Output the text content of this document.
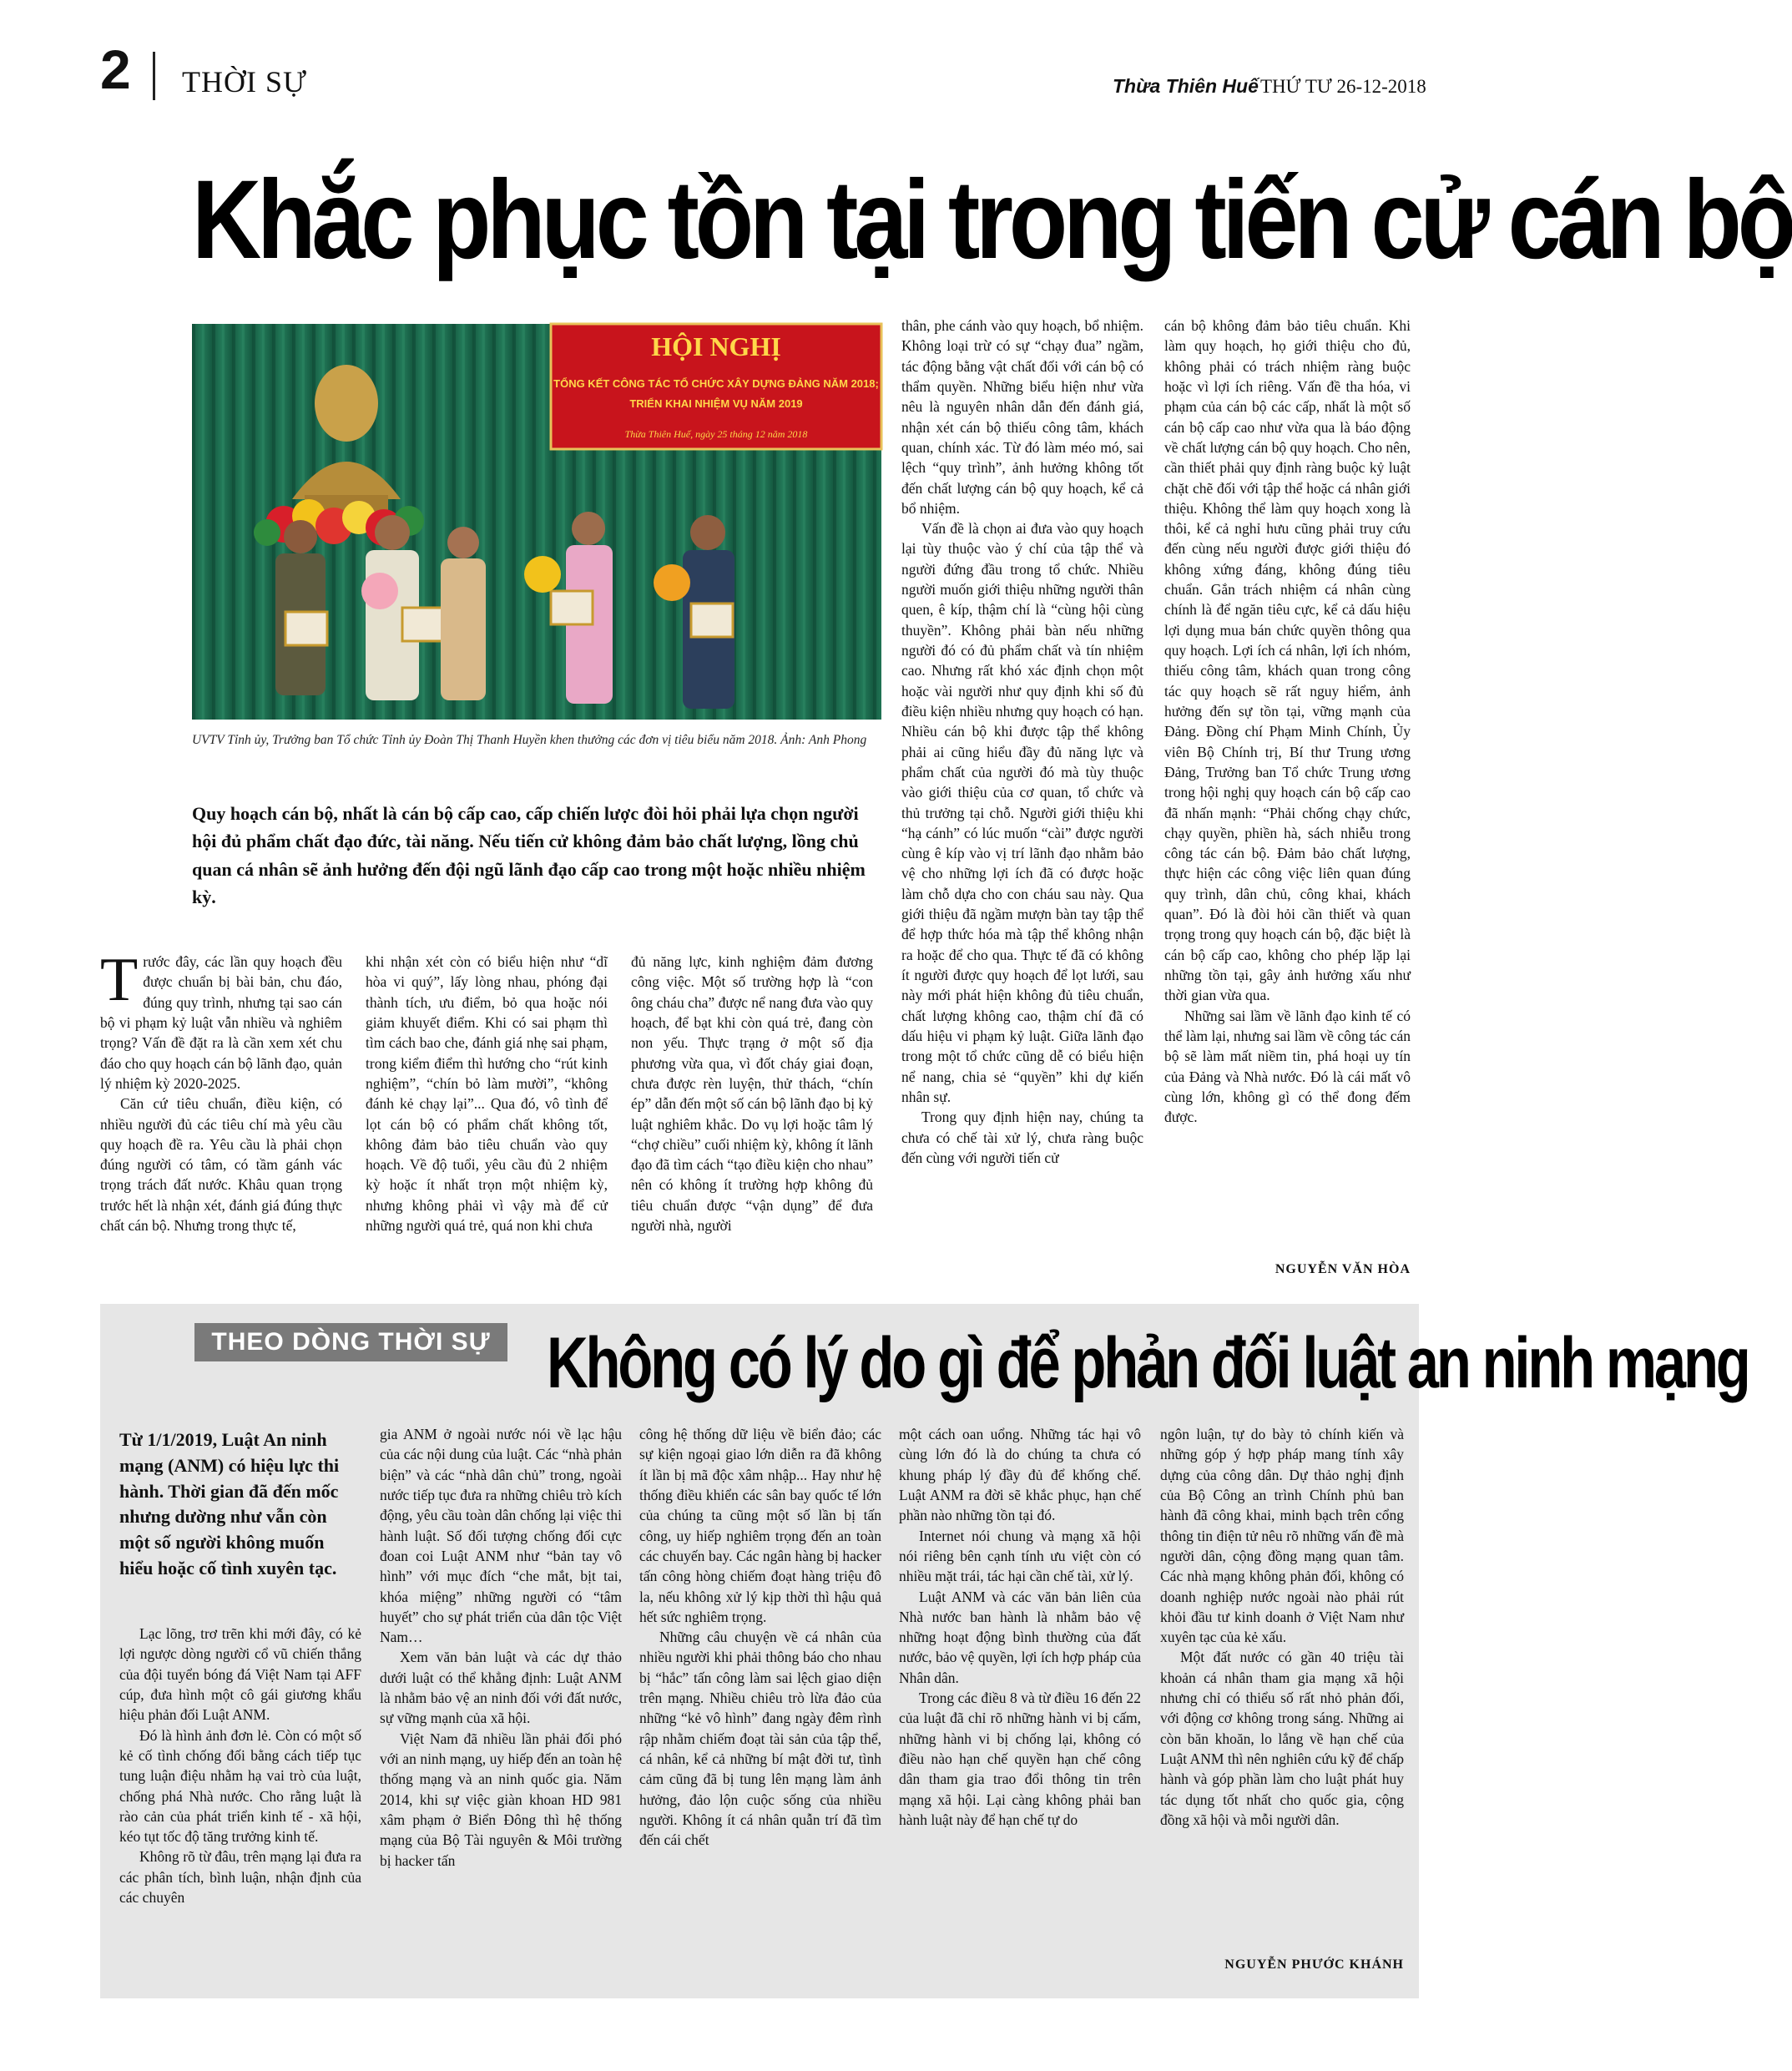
2 THỜI SỰ	Thừa Thiên Huế THỨ TƯ 26-12-2018
Khắc phục tồn tại trong tiến cử cán bộ
HỘI NGHỊ
TỔNG KẾT CÔNG TÁC TỔ CHỨC XÂY DỰNG ĐẢNG NĂM 2018;
TRIỂN KHAI NHIỆM VỤ NĂM 2019
Thừa Thiên Huế, ngày 25 tháng 12 năm 2018
UVTV Tỉnh ủy, Trưởng ban Tổ chức Tỉnh ủy Đoàn Thị Thanh Huyền khen thưởng các đơn vị tiêu biểu năm 2018. Ảnh: Anh Phong
Quy hoạch cán bộ, nhất là cán bộ cấp cao, cấp chiến lược đòi hỏi phải lựa chọn người hội đủ phẩm chất đạo đức, tài năng. Nếu tiến cử không đảm bảo chất lượng, lồng chủ quan cá nhân sẽ ảnh hưởng đến đội ngũ lãnh đạo cấp cao trong một hoặc nhiều nhiệm kỳ.

Trước đây, các lần quy hoạch đều được chuẩn bị bài bản, chu đáo, đúng quy trình, nhưng tại sao cán bộ vi phạm kỷ luật vẫn nhiều và nghiêm trọng? Vấn đề đặt ra là cần xem xét chu đáo cho quy hoạch cán bộ lãnh đạo, quản lý nhiệm kỳ 2020-2025.

Căn cứ tiêu chuẩn, điều kiện, có nhiều người đủ các tiêu chí mà yêu cầu quy hoạch đề ra. Yêu cầu là phải chọn đúng người có tâm, có tầm gánh vác trọng trách đất nước. Khâu quan trọng trước hết là nhận xét, đánh giá đúng thực chất cán bộ. Nhưng trong thực tế,

khi nhận xét còn có biểu hiện như “dĩ hòa vi quý”, lấy lòng nhau, phóng đại thành tích, ưu điểm, bỏ qua hoặc nói giảm khuyết điểm. Khi có sai phạm thì tìm cách bao che, đánh giá nhẹ sai phạm, trong kiểm điểm thì hướng cho “rút kinh nghiệm”, “chín bỏ làm mười”, “không đánh kẻ chạy lại”... Qua đó, vô tình để lọt cán bộ có phẩm chất không tốt, không đảm bảo tiêu chuẩn vào quy hoạch. Về độ tuổi, yêu cầu đủ 2 nhiệm kỳ hoặc ít nhất trọn một nhiệm kỳ, nhưng không phải vì vậy mà để cử những người quá trẻ, quá non khi chưa

đủ năng lực, kinh nghiệm đảm đương công việc. Một số trường hợp là “con ông cháu cha” được nể nang đưa vào quy hoạch, để bạt khi còn quá trẻ, đang còn non yếu. Thực trạng ở một số địa phương vừa qua, vì đốt cháy giai đoạn, chưa được rèn luyện, thử thách, “chín ép” dẫn đến một số cán bộ lãnh đạo bị kỷ luật nghiêm khắc. Do vụ lợi hoặc tâm lý “chợ chiều” cuối nhiệm kỳ, không ít lãnh đạo đã tìm cách “tạo điều kiện cho nhau” nên có không ít trường hợp không đủ tiêu chuẩn được “vận dụng” để đưa người nhà, người

thân, phe cánh vào quy hoạch, bổ nhiệm. Không loại trừ có sự “chạy đua” ngầm, tác động bằng vật chất đối với cán bộ có thẩm quyền. Những biểu hiện như vừa nêu là nguyên nhân dẫn đến đánh giá, nhận xét cán bộ thiếu công tâm, khách quan, chính xác. Từ đó làm méo mó, sai lệch “quy trình”, ảnh hưởng không tốt đến chất lượng cán bộ quy hoạch, kể cả bổ nhiệm.

Vấn đề là chọn ai đưa vào quy hoạch lại tùy thuộc vào ý chí của tập thể và người đứng đầu trong tổ chức. Nhiều người muốn giới thiệu những người thân quen, ê kíp, thậm chí là “cùng hội cùng thuyền”. Không phải bàn nếu những người đó có đủ phẩm chất và tín nhiệm cao. Nhưng rất khó xác định chọn một hoặc vài người như quy định khi số đủ điều kiện nhiều nhưng quy hoạch có hạn. Nhiều cán bộ khi được tập thể không phải ai cũng hiểu đầy đủ năng lực và phẩm chất của người đó mà tùy thuộc vào giới thiệu của cơ quan, tổ chức và thủ trưởng tại chỗ. Người giới thiệu khi “hạ cánh” có lúc muốn “cài” được người cùng ê kíp vào vị trí lãnh đạo nhằm bảo vệ cho những lợi ích đã có được hoặc làm chỗ dựa cho con cháu sau này. Qua giới thiệu đã ngầm mượn bàn tay tập thể để hợp thức hóa mà tập thể không nhận ra hoặc để cho qua. Thực tế đã có không ít người được quy hoạch để lọt lưới, sau này mới phát hiện không đủ tiêu chuẩn, chất lượng không cao, thậm chí đã có dấu hiệu vi phạm kỷ luật. Giữa lãnh đạo trong một tổ chức cũng dễ có biểu hiện nể nang, chia sẻ “quyền” khi dự kiến nhân sự.

Trong quy định hiện nay, chúng ta chưa có chế tài xử lý, chưa ràng buộc đến cùng với người tiến cử

cán bộ không đảm bảo tiêu chuẩn. Khi làm quy hoạch, họ giới thiệu cho đủ, không phải có trách nhiệm ràng buộc hoặc vì lợi ích riêng. Vấn đề tha hóa, vi phạm của cán bộ các cấp, nhất là một số cán bộ cấp cao như vừa qua là báo động về chất lượng cán bộ quy hoạch. Cho nên, cần thiết phải quy định ràng buộc kỷ luật chặt chẽ đối với tập thể hoặc cá nhân giới thiệu. Không thể làm quy hoạch xong là thôi, kể cả nghỉ hưu cũng phải truy cứu đến cùng nếu người được giới thiệu đó không xứng đáng, không đúng tiêu chuẩn. Gắn trách nhiệm cá nhân cùng chính là để ngăn tiêu cực, kể cả dấu hiệu lợi dụng mua bán chức quyền thông qua quy hoạch. Lợi ích cá nhân, lợi ích nhóm, thiếu công tâm, khách quan trong công tác quy hoạch sẽ rất nguy hiểm, ảnh hưởng đến sự tồn tại, vững mạnh của Đảng. Đồng chí Phạm Minh Chính, Ủy viên Bộ Chính trị, Bí thư Trung ương Đảng, Trưởng ban Tổ chức Trung ương trong hội nghị quy hoạch cán bộ cấp cao đã nhấn mạnh: “Phải chống chạy chức, chạy quyền, phiền hà, sách nhiễu trong công tác cán bộ. Đảm bảo chất lượng, thực hiện các công việc liên quan đúng quy trình, dân chủ, công khai, khách quan”. Đó là đòi hỏi cần thiết và quan trọng trong quy hoạch cán bộ, đặc biệt là cán bộ cấp cao, không cho phép lặp lại những tồn tại, gây ảnh hưởng xấu như thời gian vừa qua.

Những sai lầm về lãnh đạo kinh tế có thể làm lại, nhưng sai lầm về công tác cán bộ sẽ làm mất niềm tin, phá hoại uy tín của Đảng và Nhà nước. Đó là cái mất vô cùng lớn, không gì có thể đong đếm được.

NGUYỄN VĂN HÒA
THEO DÒNG THỜI SỰ Không có lý do gì để phản đối luật an ninh mạng
Từ 1/1/2019, Luật An ninh mạng (ANM) có hiệu lực thi hành. Thời gian đã đến mốc nhưng dường như vẫn còn một số người không muốn hiểu hoặc cố tình xuyên tạc.

Lạc lõng, trơ trẽn khi mới đây, có kẻ lợi ngược dòng người cổ vũ chiến thắng của đội tuyển bóng đá Việt Nam tại AFF cúp, đưa hình một cô gái giương khẩu hiệu phản đối Luật ANM.

Đó là hình ảnh đơn lẻ. Còn có một số kẻ cố tình chống đối bằng cách tiếp tục tung luận điệu nhằm hạ vai trò của luật, chống phá Nhà nước. Cho rằng luật là rào cản của phát triển kinh tế - xã hội, kéo tụt tốc độ tăng trưởng kinh tế.

Không rõ từ đâu, trên mạng lại đưa ra các phân tích, bình luận, nhận định của các chuyên

gia ANM ở ngoài nước nói về lạc hậu của các nội dung của luật. Các “nhà phản biện” và các “nhà dân chủ” trong, ngoài nước tiếp tục đưa ra những chiêu trò kích động, yêu cầu toàn dân chống lại việc thi hành luật. Số đối tượng chống đối cực đoan coi Luật ANM như “bản tay vô hình” với mục đích “che mắt, bịt tai, khóa miệng” những người có “tâm huyết” cho sự phát triển của dân tộc Việt Nam…

Xem văn bản luật và các dự thảo dưới luật có thể khẳng định: Luật ANM là nhằm bảo vệ an ninh đối với đất nước, sự vững mạnh của xã hội.

Việt Nam đã nhiều lần phải đối phó với an ninh mạng, uy hiếp đến an toàn hệ thống mạng và an ninh quốc gia. Năm 2014, khi sự việc giàn khoan HD 981 xâm phạm ở Biển Đông thì hệ thống mạng của Bộ Tài nguyên & Môi trường bị hacker tấn

công hệ thống dữ liệu về biển đảo; các sự kiện ngoại giao lớn diễn ra đã không ít lần bị mã độc xâm nhập... Hay như hệ thống điều khiển các sân bay quốc tế lớn của chúng ta cũng một số lần bị tấn công, uy hiếp nghiêm trọng đến an toàn các chuyến bay. Các ngân hàng bị hacker tấn công hòng chiếm đoạt hàng triệu đô la, nếu không xử lý kịp thời thì hậu quả hết sức nghiêm trọng.

Những câu chuyện về cá nhân của nhiều người khi phải thông báo cho nhau bị “hắc” tấn công làm sai lệch giao diện trên mạng. Nhiều chiêu trò lừa đảo của những “kẻ vô hình” đang ngày đêm rình rập nhằm chiếm đoạt tài sản của tập thể, cá nhân, kể cả những bí mật đời tư, tình cảm cũng đã bị tung lên mạng làm ảnh hưởng, đảo lộn cuộc sống của nhiều người. Không ít cá nhân quẫn trí đã tìm đến cái chết

một cách oan uổng. Những tác hại vô cùng lớn đó là do chúng ta chưa có khung pháp lý đầy đủ để khống chế. Luật ANM ra đời sẽ khắc phục, hạn chế phần nào những tồn tại đó.

Internet nói chung và mạng xã hội nói riêng bên cạnh tính ưu việt còn có nhiều mặt trái, tác hại cần chế tài, xử lý.

Luật ANM và các văn bản liên của Nhà nước ban hành là nhằm bảo vệ những hoạt động bình thường của đất nước, bảo vệ quyền, lợi ích hợp pháp của Nhân dân.

Trong các điều 8 và từ điều 16 đến 22 của luật đã chỉ rõ những hành vi bị cấm, những hành vi bị chống lại, không có điều nào hạn chế quyền hạn chế công dân tham gia trao đổi thông tin trên mạng xã hội. Lại càng không phải ban hành luật này để hạn chế tự do

ngôn luận, tự do bày tỏ chính kiến và những góp ý hợp pháp mang tính xây dựng của công dân. Dự thảo nghị định của Bộ Công an trình Chính phủ ban hành đã công khai, minh bạch trên cổng thông tin điện tử nêu rõ những vấn đề mà người dân, cộng đồng mạng quan tâm. Các nhà mạng không phản đối, không có doanh nghiệp nước ngoài nào phải rút khỏi đầu tư kinh doanh ở Việt Nam như xuyên tạc của kẻ xấu.

Một đất nước có gần 40 triệu tài khoản cá nhân tham gia mạng xã hội nhưng chỉ có thiểu số rất nhỏ phản đối, với động cơ không trong sáng. Những ai còn băn khoăn, lo lắng về hạn chế của Luật ANM thì nên nghiên cứu kỹ để chấp hành và góp phần làm cho luật phát huy tác dụng tốt nhất cho quốc gia, cộng đồng xã hội và mỗi người dân.

NGUYỄN PHƯỚC KHÁNH
